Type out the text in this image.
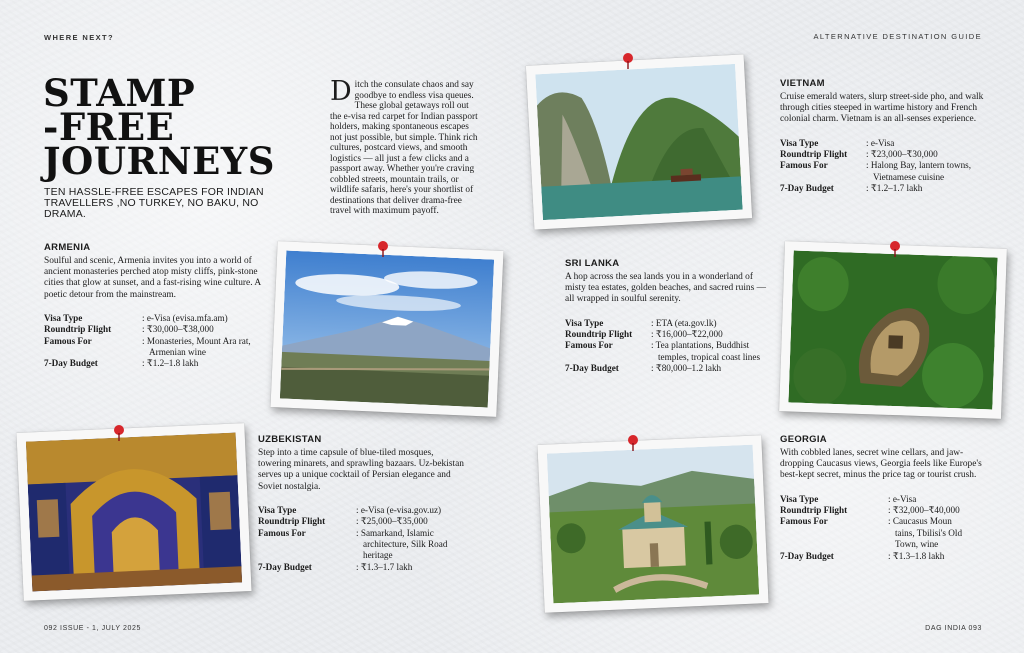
WHERE NEXT?	ALTERNATIVE DESTINATION GUIDE
STAMP
-FREE
JOURNEYS
TEN HASSLE-FREE ESCAPES FOR INDIAN TRAVELLERS ,NO TURKEY, NO BAKU, NO DRAMA.
Ditch the consulate chaos and say goodbye to endless visa queues. These global getaways roll out the e-visa red carpet for Indian passport holders, making spontaneous escapes not just possible, but simple. Think rich cultures, postcard views, and smooth logistics — all just a few clicks and a passport away. Whether you're craving cobbled streets, mountain trails, or wildlife safaris, here's your shortlist of destinations that deliver drama-free travel with maximum payoff.
ARMENIA
Soulful and scenic, Armenia invites you into a world of ancient monasteries perched atop misty cliffs, pink-stone cities that glow at sunset, and a fast-rising wine culture. A poetic detour from the mainstream.
Visa Type	: e-Visa (evisa.mfa.am)
Roundtrip Flight	: ₹30,000–₹38,000
Famous For	: Monasteries, Mount Ara rat, Armenian wine
7-Day Budget	: ₹1.2–1.8 lakh
UZBEKISTAN
Step into a time capsule of blue-tiled mosques, towering minarets, and sprawling bazaars. Uz-bekistan serves up a unique cocktail of Persian elegance and Soviet nostalgia.
Visa Type	: e-Visa (e-visa.gov.uz)
Roundtrip Flight	: ₹25,000–₹35,000
Famous For	: Samarkand, Islamic architecture, Silk Road heritage
7-Day Budget	: ₹1.3–1.7 lakh
VIETNAM
Cruise emerald waters, slurp street-side pho, and walk through cities steeped in wartime history and French colonial charm. Vietnam is an all-senses experience.
Visa Type	: e-Visa
Roundtrip Flight	: ₹23,000–₹30,000
Famous For	: Halong Bay, lantern towns, Vietnamese cuisine
7-Day Budget	: ₹1.2–1.7 lakh
SRI LANKA
A hop across the sea lands you in a wonderland of misty tea estates, golden beaches, and sacred ruins — all wrapped in soulful serenity.
Visa Type	: ETA (eta.gov.lk)
Roundtrip Flight	: ₹16,000–₹22,000
Famous For	: Tea plantations, Buddhist temples, tropical coast lines
7-Day Budget	: ₹80,000–1.2 lakh
GEORGIA
With cobbled lanes, secret wine cellars, and jaw-dropping Caucasus views, Georgia feels like Europe's best-kept secret, minus the price tag or tourist crush.
Visa Type	: e-Visa
Roundtrip Flight	: ₹32,000–₹40,000
Famous For	: Caucasus Moun tains, Tbilisi's Old Town, wine
7-Day Budget	: ₹1.3–1.8 lakh
092 ISSUE - 1, JULY 2025	DAG INDIA 093
